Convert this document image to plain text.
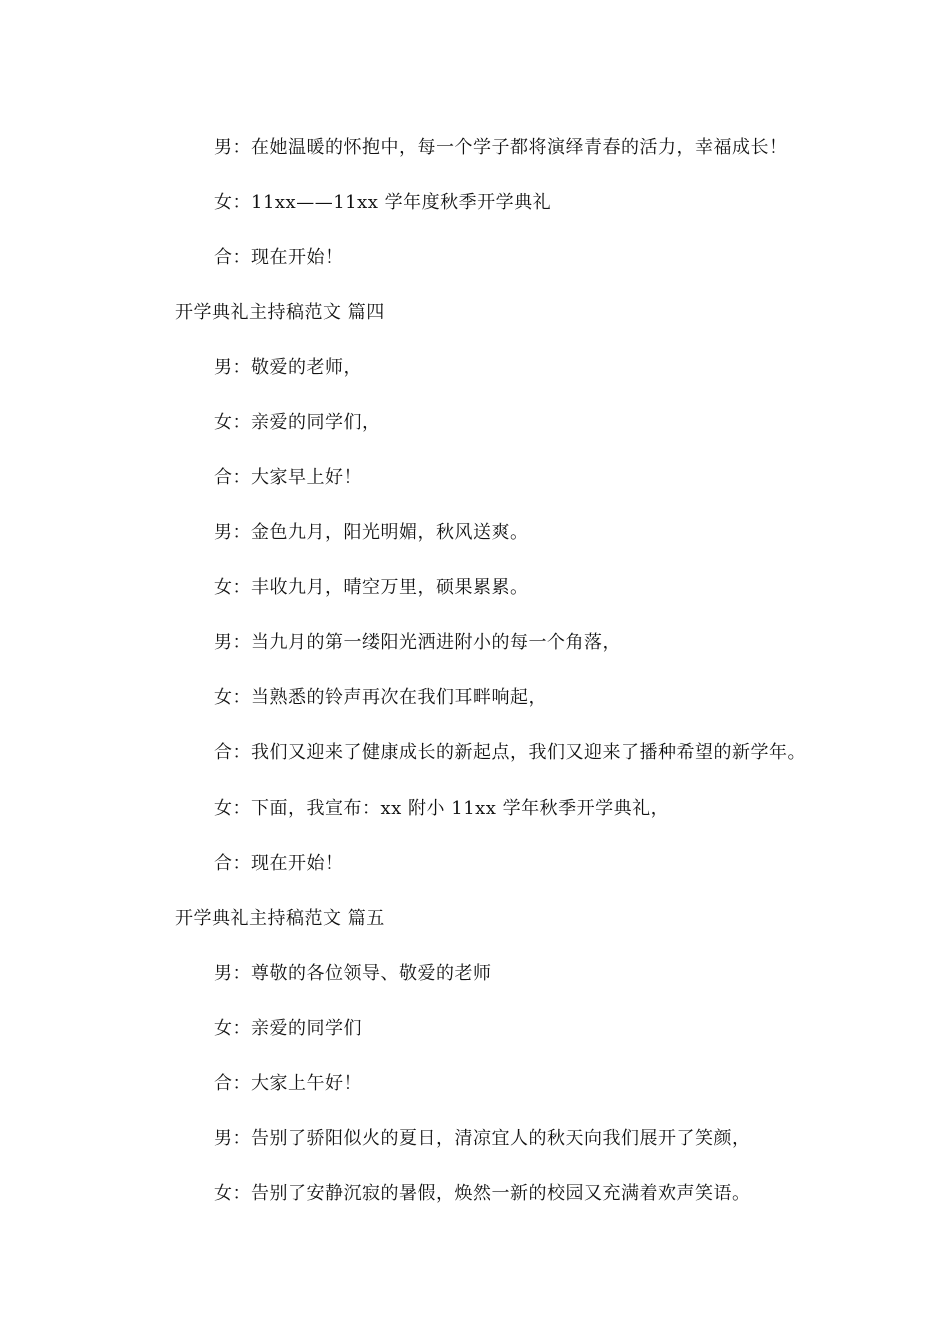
男：在她温暖的怀抱中，每一个学子都将演绎青春的活力，幸福成长！
女：11xx——11xx 学年度秋季开学典礼
合：现在开始！
开学典礼主持稿范文 篇四
男：敬爱的老师，
女：亲爱的同学们，
合：大家早上好！
男：金色九月，阳光明媚，秋风送爽。
女：丰收九月，晴空万里，硕果累累。
男：当九月的第一缕阳光洒进附小的每一个角落，
女：当熟悉的铃声再次在我们耳畔响起，
合：我们又迎来了健康成长的新起点，我们又迎来了播种希望的新学年。
女：下面，我宣布：xx 附小 11xx 学年秋季开学典礼，
合：现在开始！
开学典礼主持稿范文 篇五
男：尊敬的各位领导、敬爱的老师
女：亲爱的同学们
合：大家上午好！
男：告别了骄阳似火的夏日，清凉宜人的秋天向我们展开了笑颜，
女：告别了安静沉寂的暑假，焕然一新的校园又充满着欢声笑语。
